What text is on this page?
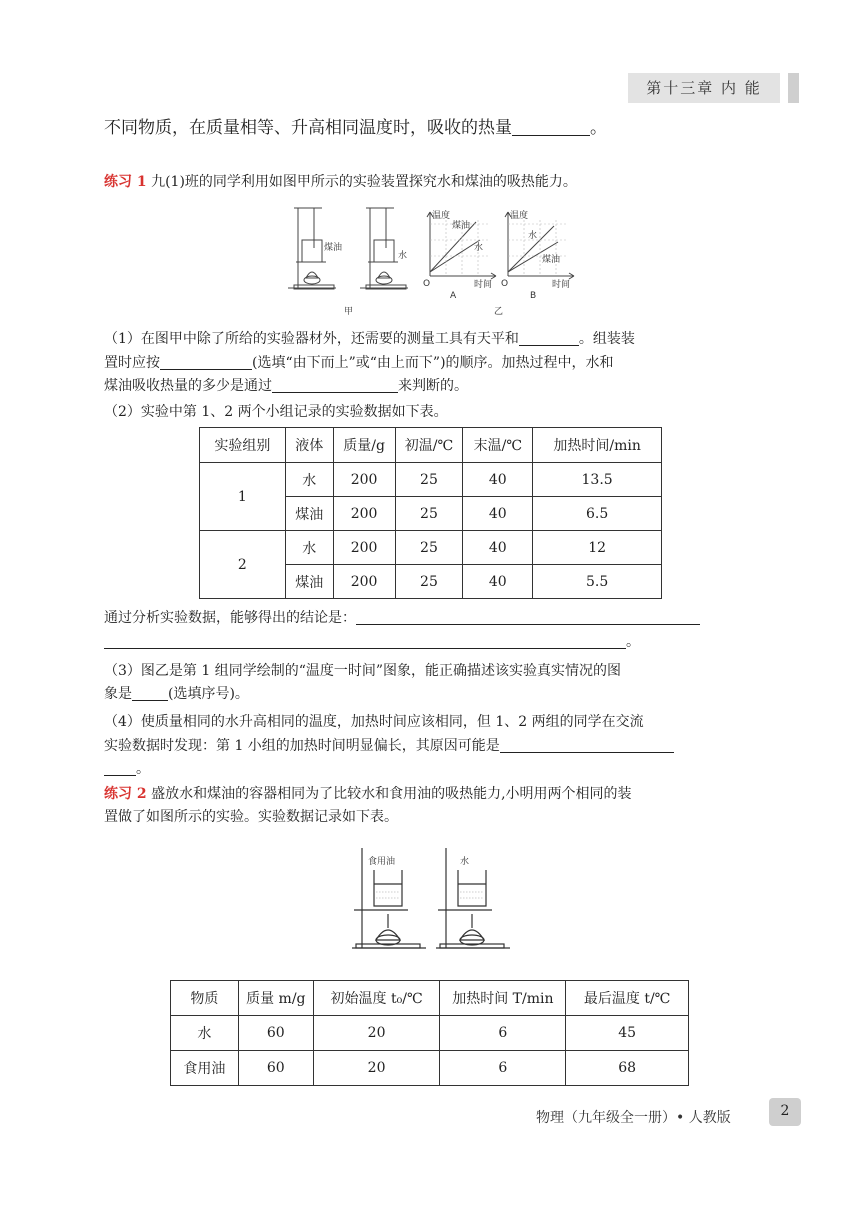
第十三章 内 能
不同物质，在质量相等、升高相同温度时，吸收的热量	。
练习 1 九(1)班的同学利用如图甲所示的实验装置探究水和煤油的吸热能力。
煤油
水
温度
煤油
水
O	时间
A
温度
水
煤油
O	时间
B
甲	乙
（1）在图甲中除了所给的实验器材外，还需要的测量工具有天平和	。组装装
置时应按	(选填“由下而上”或“由上而下”)的顺序。加热过程中，水和
煤油吸收热量的多少是通过	来判断的。
（2）实验中第 1、2 两个小组记录的实验数据如下表。
实验组别	液体	质量/g	初温/℃	末温/℃	加热时间/min
1	水	200	25	40	13.5
	煤油	200	25	40	6.5
2	水	200	25	40	12
	煤油	200	25	40	5.5
通过分析实验数据，能够得出的结论是：
。
（3）图乙是第 1 组同学绘制的“温度一时间”图象，能正确描述该实验真实情况的图
象是	(选填序号)。
（4）使质量相同的水升高相同的温度，加热时间应该相同，但 1、2 两组的同学在交流
实验数据时发现：第 1 小组的加热时间明显偏长，其原因可能是
。
练习 2 盛放水和煤油的容器相同为了比较水和食用油的吸热能力,小明用两个相同的装
置做了如图所示的实验。实验数据记录如下表。
食用油	水
物质	质量 m/g	初始温度 t₀/℃	加热时间 T/min	最后温度 t/℃
水	60	20	6	45
食用油	60	20	6	68
物理（九年级全一册）• 人教版	2
